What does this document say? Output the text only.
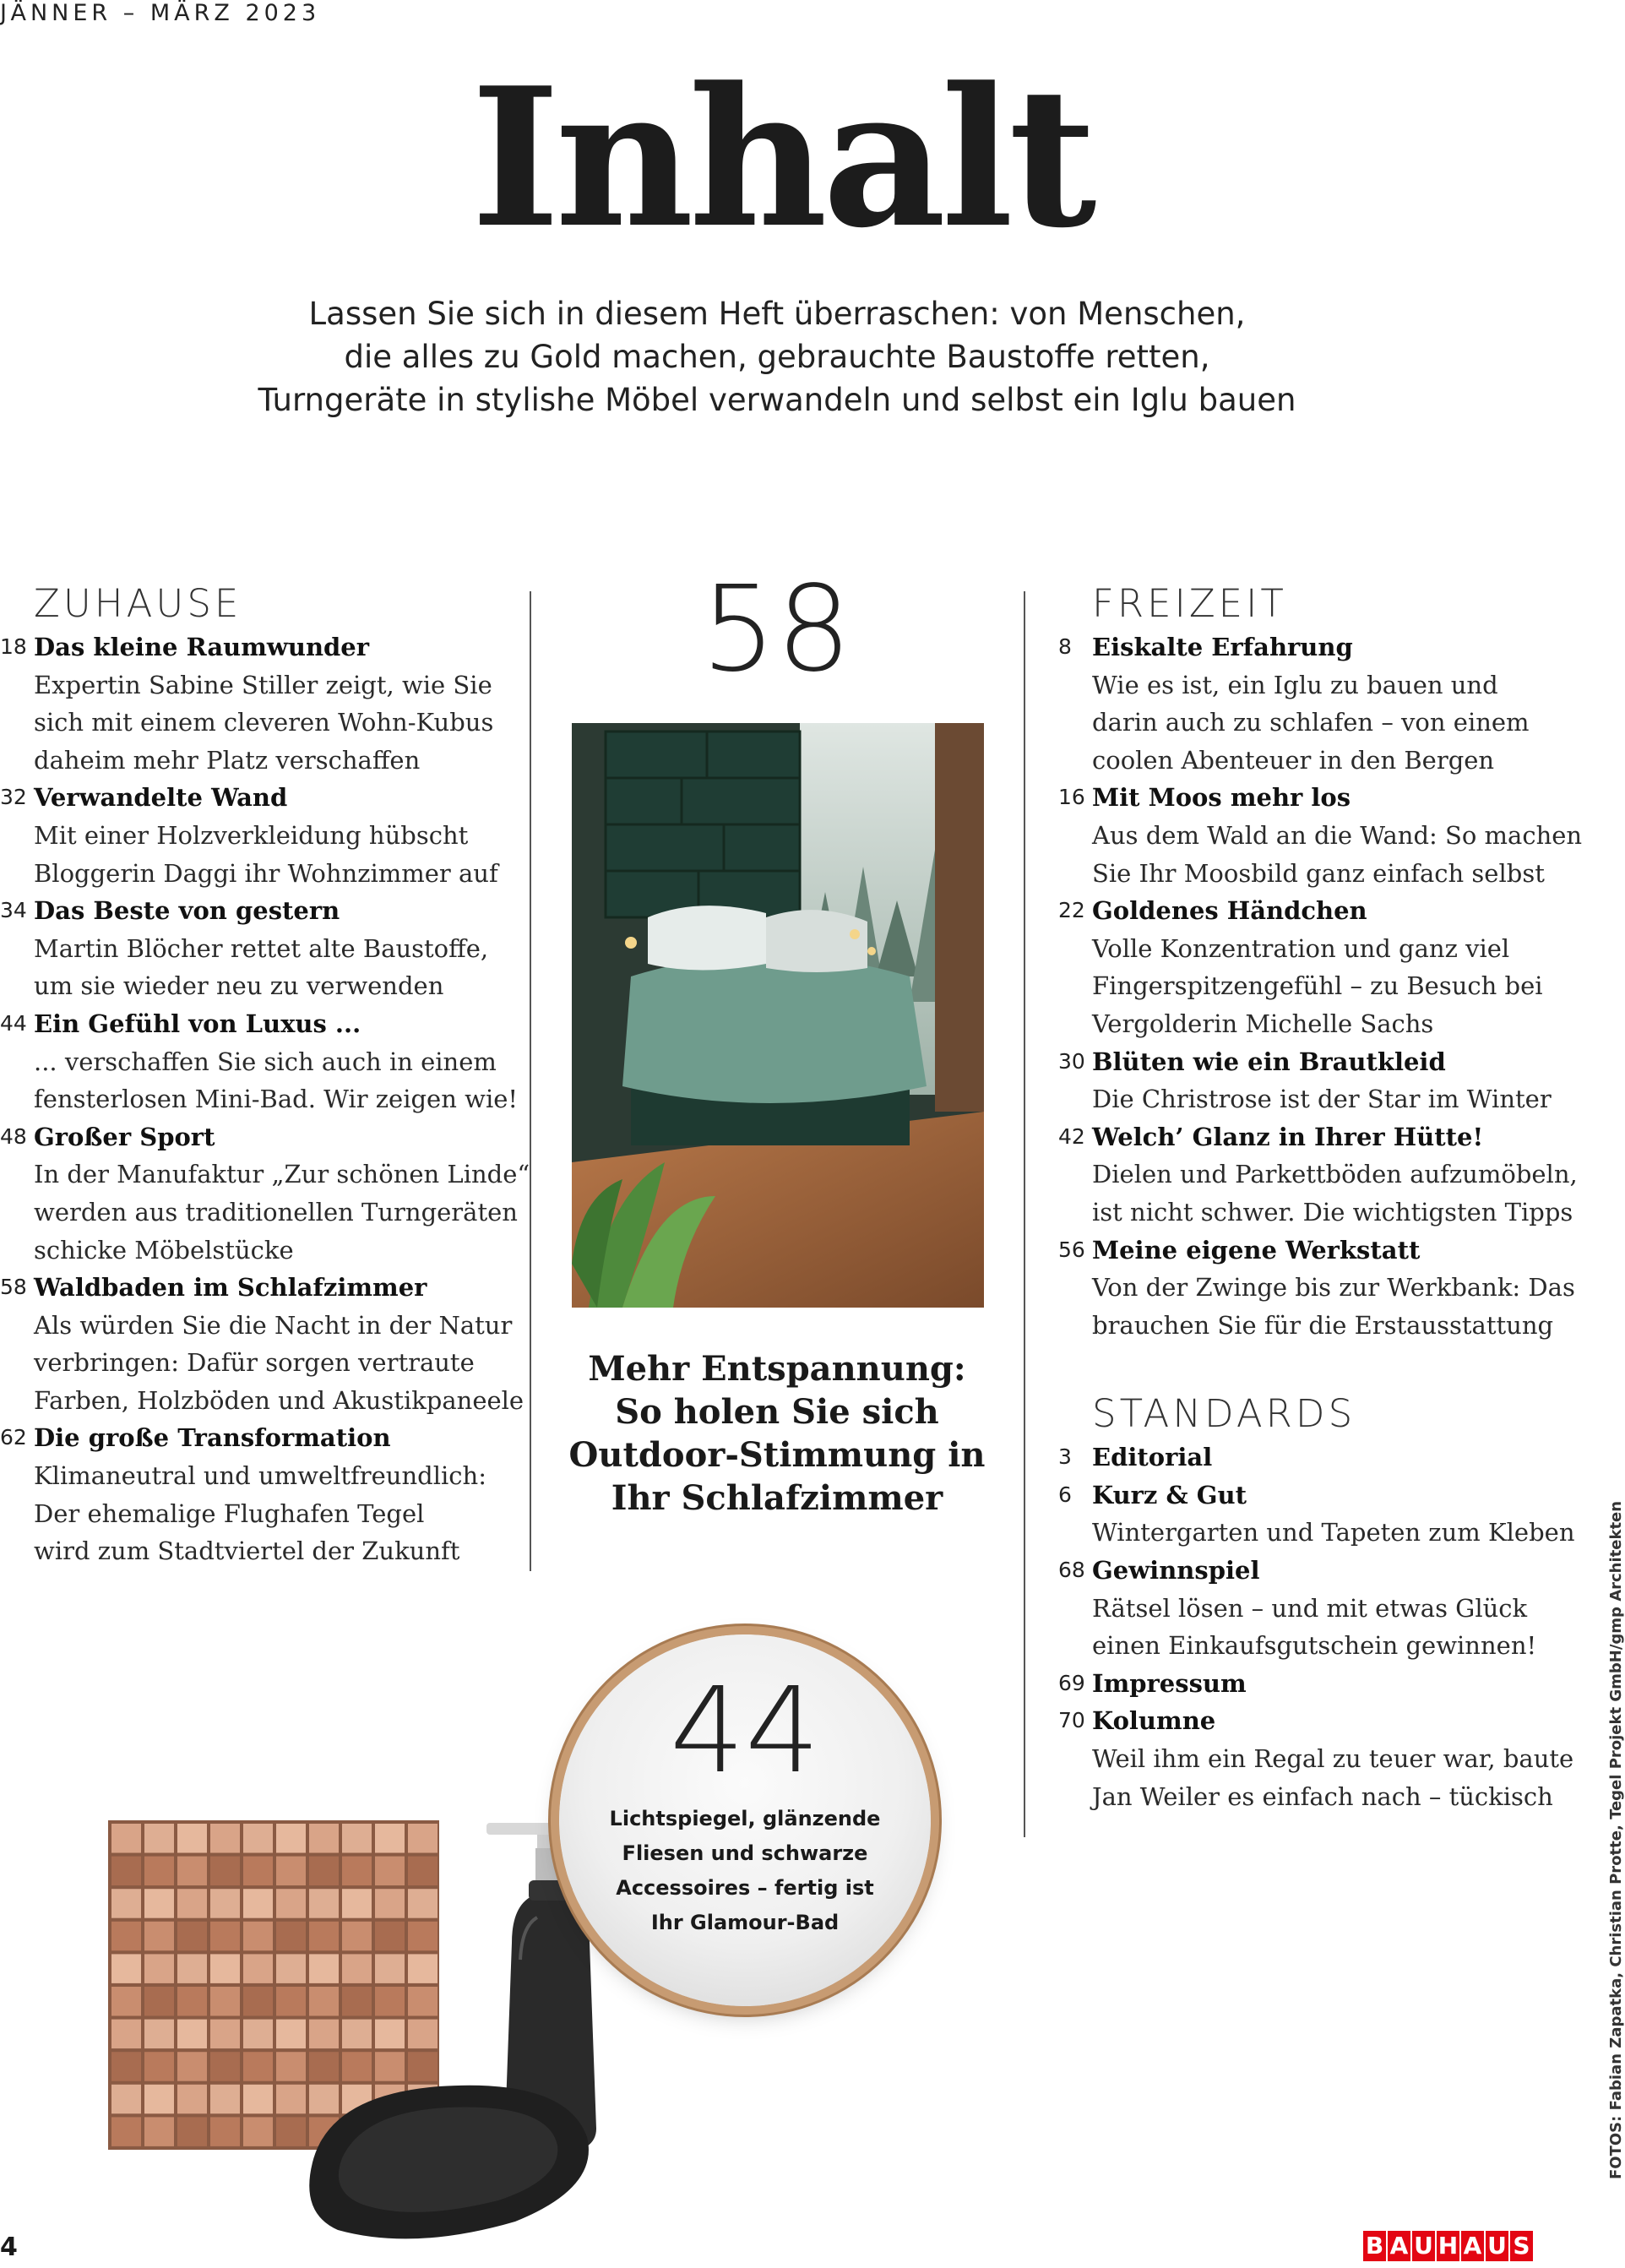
JÄNNER – MÄRZ 2023
Inhalt
Lassen Sie sich in diesem Heft überraschen: von Menschen,
die alles zu Gold machen, gebrauchte Baustoffe retten,
Turngeräte in stylishe Möbel verwandeln und selbst ein Iglu bauen
ZUHAUSE
18 Das kleine Raumwunder
Expertin Sabine Stiller zeigt, wie Sie
sich mit einem cleveren Wohn-Kubus
daheim mehr Platz verschaffen
32 Verwandelte Wand
Mit einer Holzverkleidung hübscht
Bloggerin Daggi ihr Wohnzimmer auf
34 Das Beste von gestern
Martin Blöcher rettet alte Baustoffe,
um sie wieder neu zu verwenden
44 Ein Gefühl von Luxus ...
... verschaffen Sie sich auch in einem
fensterlosen Mini-Bad. Wir zeigen wie!
48 Großer Sport
In der Manufaktur „Zur schönen Linde“
werden aus traditionellen Turngeräten
schicke Möbelstücke
58 Waldbaden im Schlafzimmer
Als würden Sie die Nacht in der Natur
verbringen: Dafür sorgen vertraute
Farben, Holzböden und Akustikpaneele
62 Die große Transformation
Klimaneutral und umweltfreundlich:
Der ehemalige Flughafen Tegel
wird zum Stadtviertel der Zukunft
58
Mehr Entspannung:
So holen Sie sich
Outdoor-Stimmung in
Ihr Schlafzimmer
44
Lichtspiegel, glänzende
Fliesen und schwarze
Accessoires – fertig ist
Ihr Glamour-Bad
FREIZEIT
8 Eiskalte Erfahrung
Wie es ist, ein Iglu zu bauen und
darin auch zu schlafen – von einem
coolen Abenteuer in den Bergen
16 Mit Moos mehr los
Aus dem Wald an die Wand: So machen
Sie Ihr Moosbild ganz einfach selbst
22 Goldenes Händchen
Volle Konzentration und ganz viel
Fingerspitzengefühl – zu Besuch bei
Vergolderin Michelle Sachs
30 Blüten wie ein Brautkleid
Die Christrose ist der Star im Winter
42 Welch’ Glanz in Ihrer Hütte!
Dielen und Parkettböden aufzumöbeln,
ist nicht schwer. Die wichtigsten Tipps
56 Meine eigene Werkstatt
Von der Zwinge bis zur Werkbank: Das
brauchen Sie für die Erstausstattung
STANDARDS
3 Editorial
6 Kurz & Gut
Wintergarten und Tapeten zum Kleben
68 Gewinnspiel
Rätsel lösen – und mit etwas Glück
einen Einkaufsgutschein gewinnen!
69 Impressum
70 Kolumne
Weil ihm ein Regal zu teuer war, baute
Jan Weiler es einfach nach – tückisch	FOTOS: Fabian Zapatka, Christian Protte, Tegel Projekt GmbH/gmp Architekten
4	B A U H A U S
